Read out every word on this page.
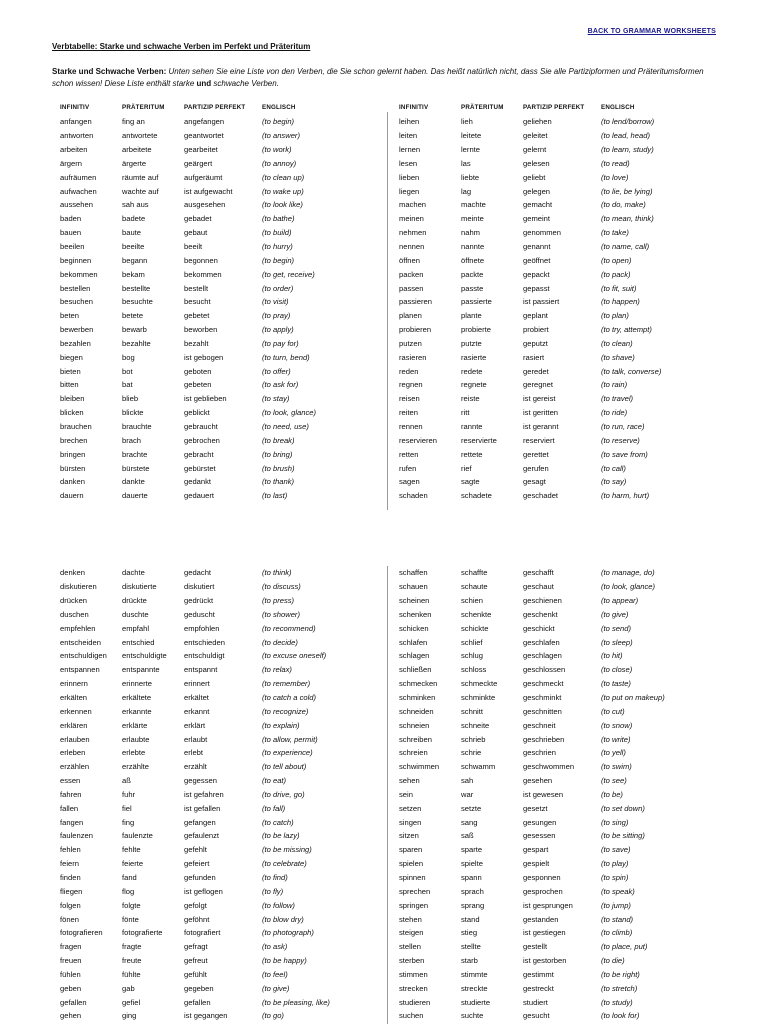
BACK TO GRAMMAR WORKSHEETS
Verbtabelle: Starke und schwache Verben im Perfekt und Präteritum
Starke und Schwache Verben: Unten sehen Sie eine Liste von den Verben, die Sie schon gelernt haben. Das heißt natürlich nicht, dass Sie alle Partizipformen und Präteritumsformen schon wissen! Diese Liste enthält starke und schwache Verben.
INFINITIV	PRÄTERITUM	PARTIZIP PERFEKT	ENGLISCH
anfangen	fing an	angefangen	(to begin)
antworten	antwortete	geantwortet	(to answer)
arbeiten	arbeitete	gearbeitet	(to work)
ärgern	ärgerte	geärgert	(to annoy)
aufräumen	räumte auf	aufgeräumt	(to clean up)
aufwachen	wachte auf	ist aufgewacht	(to wake up)
aussehen	sah aus	ausgesehen	(to look like)
baden	badete	gebadet	(to bathe)
bauen	baute	gebaut	(to build)
beeilen	beeilte	beeilt	(to hurry)
beginnen	begann	begonnen	(to begin)
bekommen	bekam	bekommen	(to get, receive)
bestellen	bestellte	bestellt	(to order)
besuchen	besuchte	besucht	(to visit)
beten	betete	gebetet	(to pray)
bewerben	bewarb	beworben	(to apply)
bezahlen	bezahlte	bezahlt	(to pay for)
biegen	bog	ist gebogen	(to turn, bend)
bieten	bot	geboten	(to offer)
bitten	bat	gebeten	(to ask for)
bleiben	blieb	ist geblieben	(to stay)
blicken	blickte	geblickt	(to look, glance)
brauchen	brauchte	gebraucht	(to need, use)
brechen	brach	gebrochen	(to break)
bringen	brachte	gebracht	(to bring)
bürsten	bürstete	gebürstet	(to brush)
danken	dankte	gedankt	(to thank)
dauern	dauerte	gedauert	(to last)
INFINITIV	PRÄTERITUM	PARTIZIP PERFEKT	ENGLISCH
leihen	lieh	geliehen	(to lend/borrow)
leiten	leitete	geleitet	(to lead, head)
lernen	lernte	gelernt	(to learn, study)
lesen	las	gelesen	(to read)
lieben	liebte	geliebt	(to love)
liegen	lag	gelegen	(to lie, be lying)
machen	machte	gemacht	(to do, make)
meinen	meinte	gemeint	(to mean, think)
nehmen	nahm	genommen	(to take)
nennen	nannte	genannt	(to name, call)
öffnen	öffnete	geöffnet	(to open)
packen	packte	gepackt	(to pack)
passen	passte	gepasst	(to fit, suit)
passieren	passierte	ist passiert	(to happen)
planen	plante	geplant	(to plan)
probieren	probierte	probiert	(to try, attempt)
putzen	putzte	geputzt	(to clean)
rasieren	rasierte	rasiert	(to shave)
reden	redete	geredet	(to talk, converse)
regnen	regnete	geregnet	(to rain)
reisen	reiste	ist gereist	(to travel)
reiten	ritt	ist geritten	(to ride)
rennen	rannte	ist gerannt	(to run, race)
reservieren	reservierte	reserviert	(to reserve)
retten	rettete	gerettet	(to save from)
rufen	rief	gerufen	(to call)
sagen	sagte	gesagt	(to say)
schaden	schadete	geschadet	(to harm, hurt)
denken	dachte	gedacht	(to think)
diskutieren	diskutierte	diskutiert	(to discuss)
drücken	drückte	gedrückt	(to press)
duschen	duschte	geduscht	(to shower)
empfehlen	empfahl	empfohlen	(to recommend)
entscheiden	entschied	entschieden	(to decide)
entschuldigen	entschuldigte	entschuldigt	(to excuse oneself)
entspannen	entspannte	entspannt	(to relax)
erinnern	erinnerte	erinnert	(to remember)
erkälten	erkältete	erkältet	(to catch a cold)
erkennen	erkannte	erkannt	(to recognize)
erklären	erklärte	erklärt	(to explain)
erlauben	erlaubte	erlaubt	(to allow, permit)
erleben	erlebte	erlebt	(to experience)
erzählen	erzählte	erzählt	(to tell about)
essen	aß	gegessen	(to eat)
fahren	fuhr	ist gefahren	(to drive, go)
fallen	fiel	ist gefallen	(to fall)
fangen	fing	gefangen	(to catch)
faulenzen	faulenzte	gefaulenzt	(to be lazy)
fehlen	fehlte	gefehlt	(to be missing)
feiern	feierte	gefeiert	(to celebrate)
finden	fand	gefunden	(to find)
fliegen	flog	ist geflogen	(to fly)
folgen	folgte	gefolgt	(to follow)
fönen	fönte	geföhnt	(to blow dry)
fotografieren	fotografierte	fotografiert	(to photograph)
fragen	fragte	gefragt	(to ask)
freuen	freute	gefreut	(to be happy)
fühlen	fühlte	gefühlt	(to feel)
geben	gab	gegeben	(to give)
gefallen	gefiel	gefallen	(to be pleasing, like)
gehen	ging	ist gegangen	(to go)
schaffen	schaffte	geschafft	(to manage, do)
schauen	schaute	geschaut	(to look, glance)
scheinen	schien	geschienen	(to appear)
schenken	schenkte	geschenkt	(to give)
schicken	schickte	geschickt	(to send)
schlafen	schlief	geschlafen	(to sleep)
schlagen	schlug	geschlagen	(to hit)
schließen	schloss	geschlossen	(to close)
schmecken	schmeckte	geschmeckt	(to taste)
schminken	schminkte	geschminkt	(to put on makeup)
schneiden	schnitt	geschnitten	(to cut)
schneien	schneite	geschneit	(to snow)
schreiben	schrieb	geschrieben	(to write)
schreien	schrie	geschrien	(to yell)
schwimmen	schwamm	geschwommen	(to swim)
sehen	sah	gesehen	(to see)
sein	war	ist gewesen	(to be)
setzen	setzte	gesetzt	(to set down)
singen	sang	gesungen	(to sing)
sitzen	saß	gesessen	(to be sitting)
sparen	sparte	gespart	(to save)
spielen	spielte	gespielt	(to play)
spinnen	spann	gesponnen	(to spin)
sprechen	sprach	gesprochen	(to speak)
springen	sprang	ist gesprungen	(to jump)
stehen	stand	gestanden	(to stand)
steigen	stieg	ist gestiegen	(to climb)
stellen	stellte	gestellt	(to place, put)
sterben	starb	ist gestorben	(to die)
stimmen	stimmte	gestimmt	(to be right)
strecken	streckte	gestreckt	(to stretch)
studieren	studierte	studiert	(to study)
suchen	suchte	gesucht	(to look for)
